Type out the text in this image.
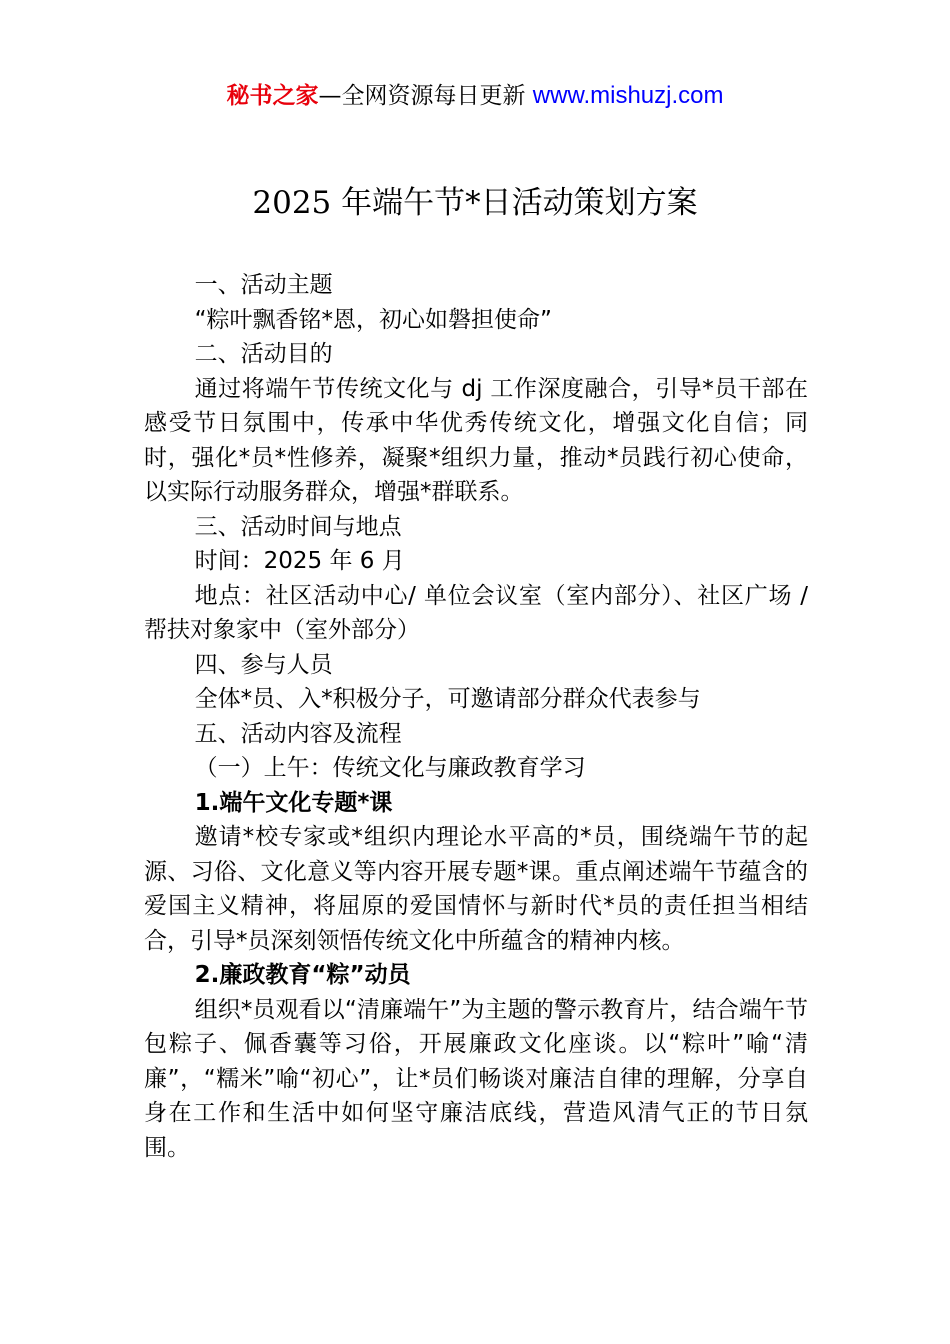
秘书之家—全网资源每日更新 www.mishuzj.com
2025 年端午节*日活动策划方案

一、活动主题

“粽叶飘香铭*恩，初心如磐担使命”

二、活动目的

通过将端午节传统文化与 dj 工作深度融合，引导*员干部在感受节日氛围中，传承中华优秀传统文化，增强文化自信；同时，强化*员*性修养，凝聚*组织力量，推动*员践行初心使命，以实际行动服务群众，增强*群联系。

三、活动时间与地点

时间：2025 年 6 月

地点：社区活动中心/ 单位会议室（室内部分）、社区广场 / 帮扶对象家中（室外部分）

四、参与人员

全体*员、入*积极分子，可邀请部分群众代表参与

五、活动内容及流程

（一）上午：传统文化与廉政教育学习

1.端午文化专题*课

邀请*校专家或*组织内理论水平高的*员，围绕端午节的起源、习俗、文化意义等内容开展专题*课。重点阐述端午节蕴含的爱国主义精神，将屈原的爱国情怀与新时代*员的责任担当相结合，引导*员深刻领悟传统文化中所蕴含的精神内核。

2.廉政教育“粽”动员

组织*员观看以“清廉端午”为主题的警示教育片，结合端午节包粽子、佩香囊等习俗，开展廉政文化座谈。以“粽叶”喻“清廉”，“糯米”喻“初心”，让*员们畅谈对廉洁自律的理解，分享自身在工作和生活中如何坚守廉洁底线，营造风清气正的节日氛围。
